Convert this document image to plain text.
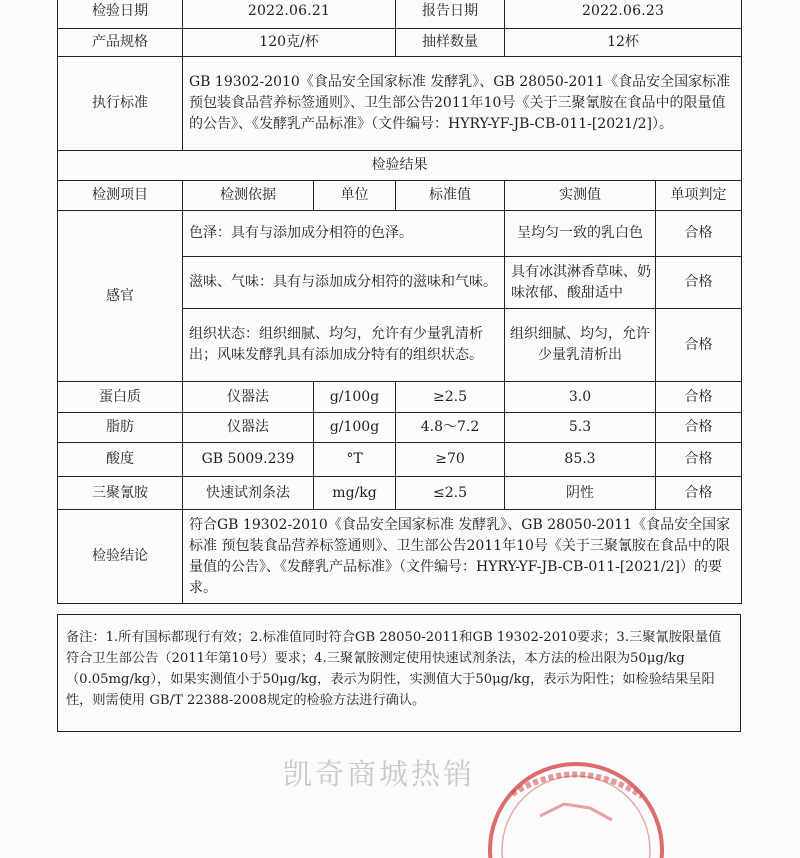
检验日期	2022.06.21		报告日期	2022.06.23	
产品规格	120克/杯		抽样数量	12杯	
执行标准	GB 19302-2010《食品安全国家标准 发酵乳》、GB 28050-2011《食品安全国家标准 预包装食品营养标签通则》、卫生部公告2011年10号《关于三聚氰胺在食品中的限量值的公告》、《发酵乳产品标准》（文件编号：HYRY-YF-JB-CB-011-[2021/2]）。				
检验结果					
检测项目	检测依据	单位	标准值	实测值	单项判定
感官	色泽：具有与添加成分相符的色泽。			呈均匀一致的乳白色	合格
	滋味、气味：具有与添加成分相符的滋味和气味。			具有冰淇淋香草味、奶味浓郁、酸甜适中	合格
	组织状态：组织细腻、均匀，允许有少量乳清析出；风味发酵乳具有添加成分特有的组织状态。			组织细腻、均匀，允许少量乳清析出	合格
蛋白质	仪器法	g/100g	≥2.5	3.0	合格
脂肪	仪器法	g/100g	4.8～7.2	5.3	合格
酸度	GB 5009.239	°T	≥70	85.3	合格
三聚氰胺	快速试剂条法	mg/kg	≤2.5	阴性	合格
检验结论	符合GB 19302-2010《食品安全国家标准 发酵乳》、GB 28050-2011《食品安全国家标准 预包装食品营养标签通则》、卫生部公告2011年10号《关于三聚氰胺在食品中的限量值的公告》、《发酵乳产品标准》（文件编号：HYRY-YF-JB-CB-011-[2021/2]）的要求。				
备注：1.所有国标都现行有效；2.标准值同时符合GB 28050-2011和GB 19302-2010要求；3.三聚氰胺限量值符合卫生部公告（2011年第10号）要求；4.三聚氰胺测定使用快速试剂条法，本方法的检出限为50μg/kg（0.05mg/kg），如果实测值小于50μg/kg，表示为阴性，实测值大于50μg/kg，表示为阳性；如检验结果呈阳性，则需使用 GB/T 22388-2008规定的检验方法进行确认。
凯奇商城热销
